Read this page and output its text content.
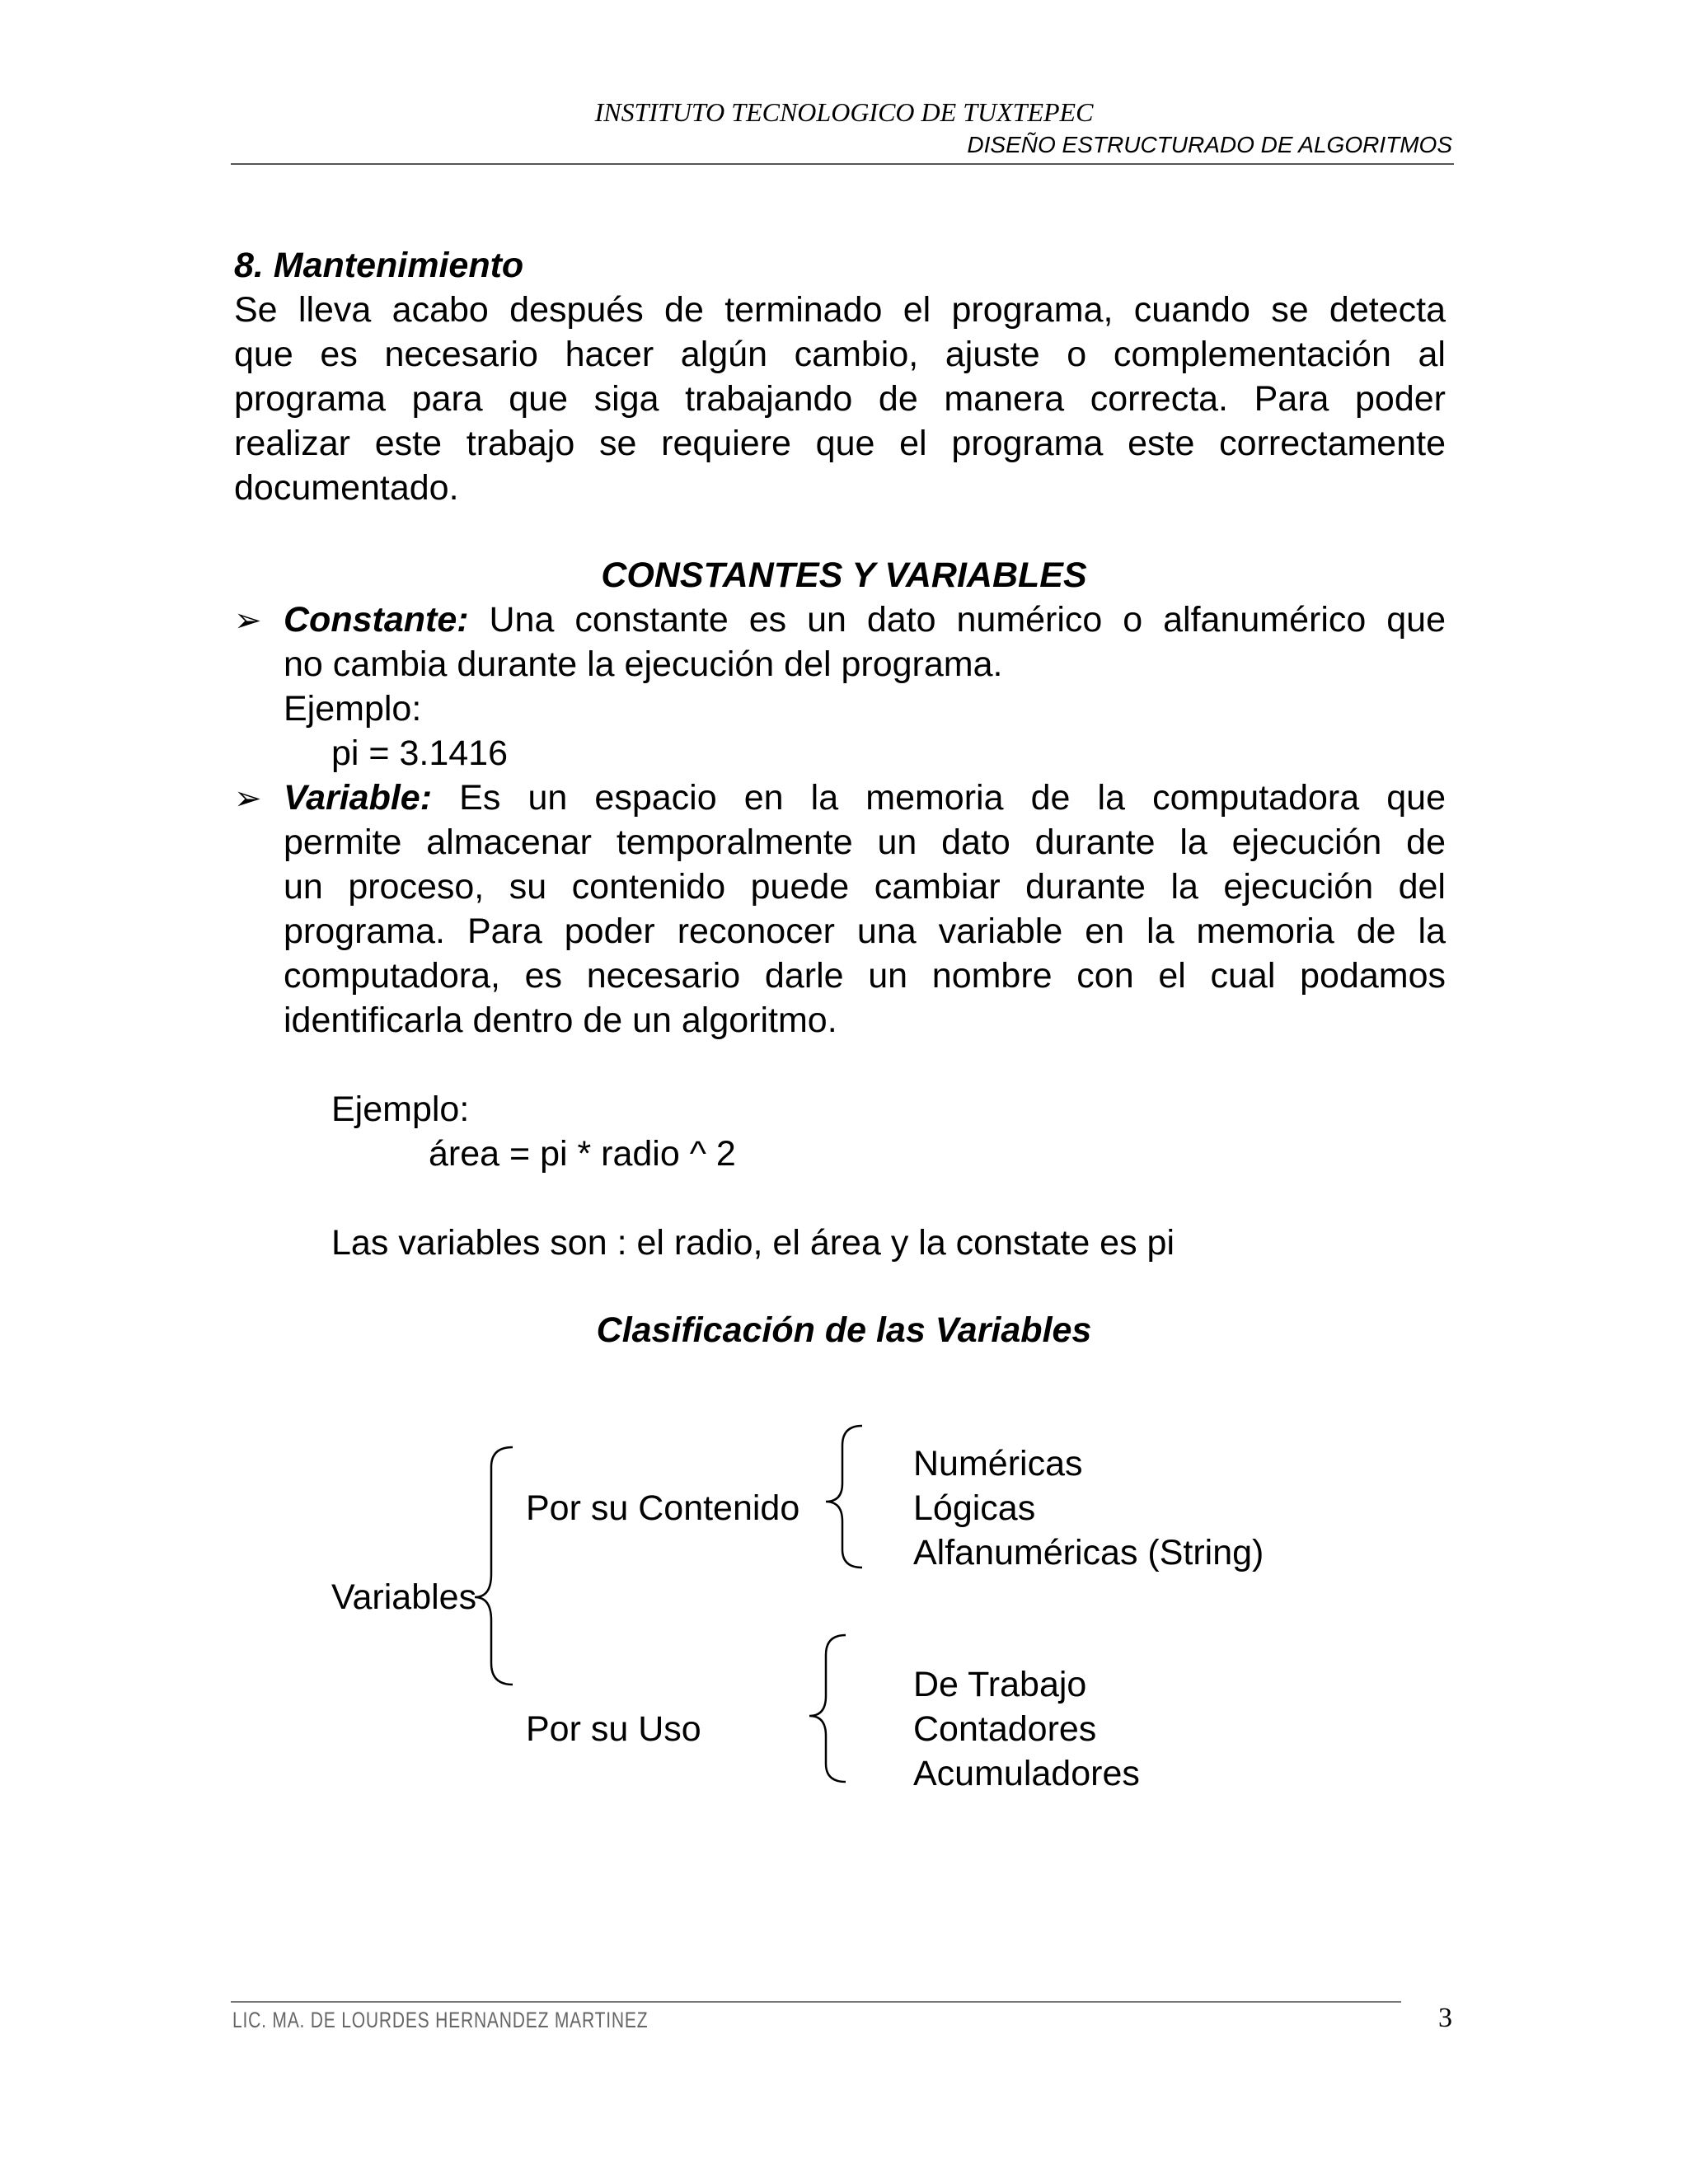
INSTITUTO TECNOLOGICO DE TUXTEPEC
DISEÑO ESTRUCTURADO DE ALGORITMOS
8. Mantenimiento
Se lleva acabo después de terminado el programa, cuando se detecta
que es necesario hacer algún cambio, ajuste o complementación al
programa para que siga trabajando de manera correcta. Para poder
realizar este trabajo se requiere que el programa este correctamente
documentado.
CONSTANTES Y VARIABLES
➢ Constante: Una constante es un dato numérico o alfanumérico que
no cambia durante la ejecución del programa.
Ejemplo:
pi = 3.1416
➢ Variable: Es un espacio en la memoria de la computadora que
permite almacenar temporalmente un dato durante la ejecución de
un proceso, su contenido puede cambiar durante la ejecución del
programa. Para poder reconocer una variable en la memoria de la
computadora, es necesario darle un nombre con el cual podamos
identificarla dentro de un algoritmo.
Ejemplo:
área = pi * radio ^ 2
Las variables son : el radio, el área y la constate es pi
Clasificación de las Variables
Variables
Por su Contenido
Por su Uso
Numéricas
Lógicas
Alfanuméricas (String)
De Trabajo
Contadores
Acumuladores
LIC. MA. DE LOURDES HERNANDEZ MARTINEZ	3
